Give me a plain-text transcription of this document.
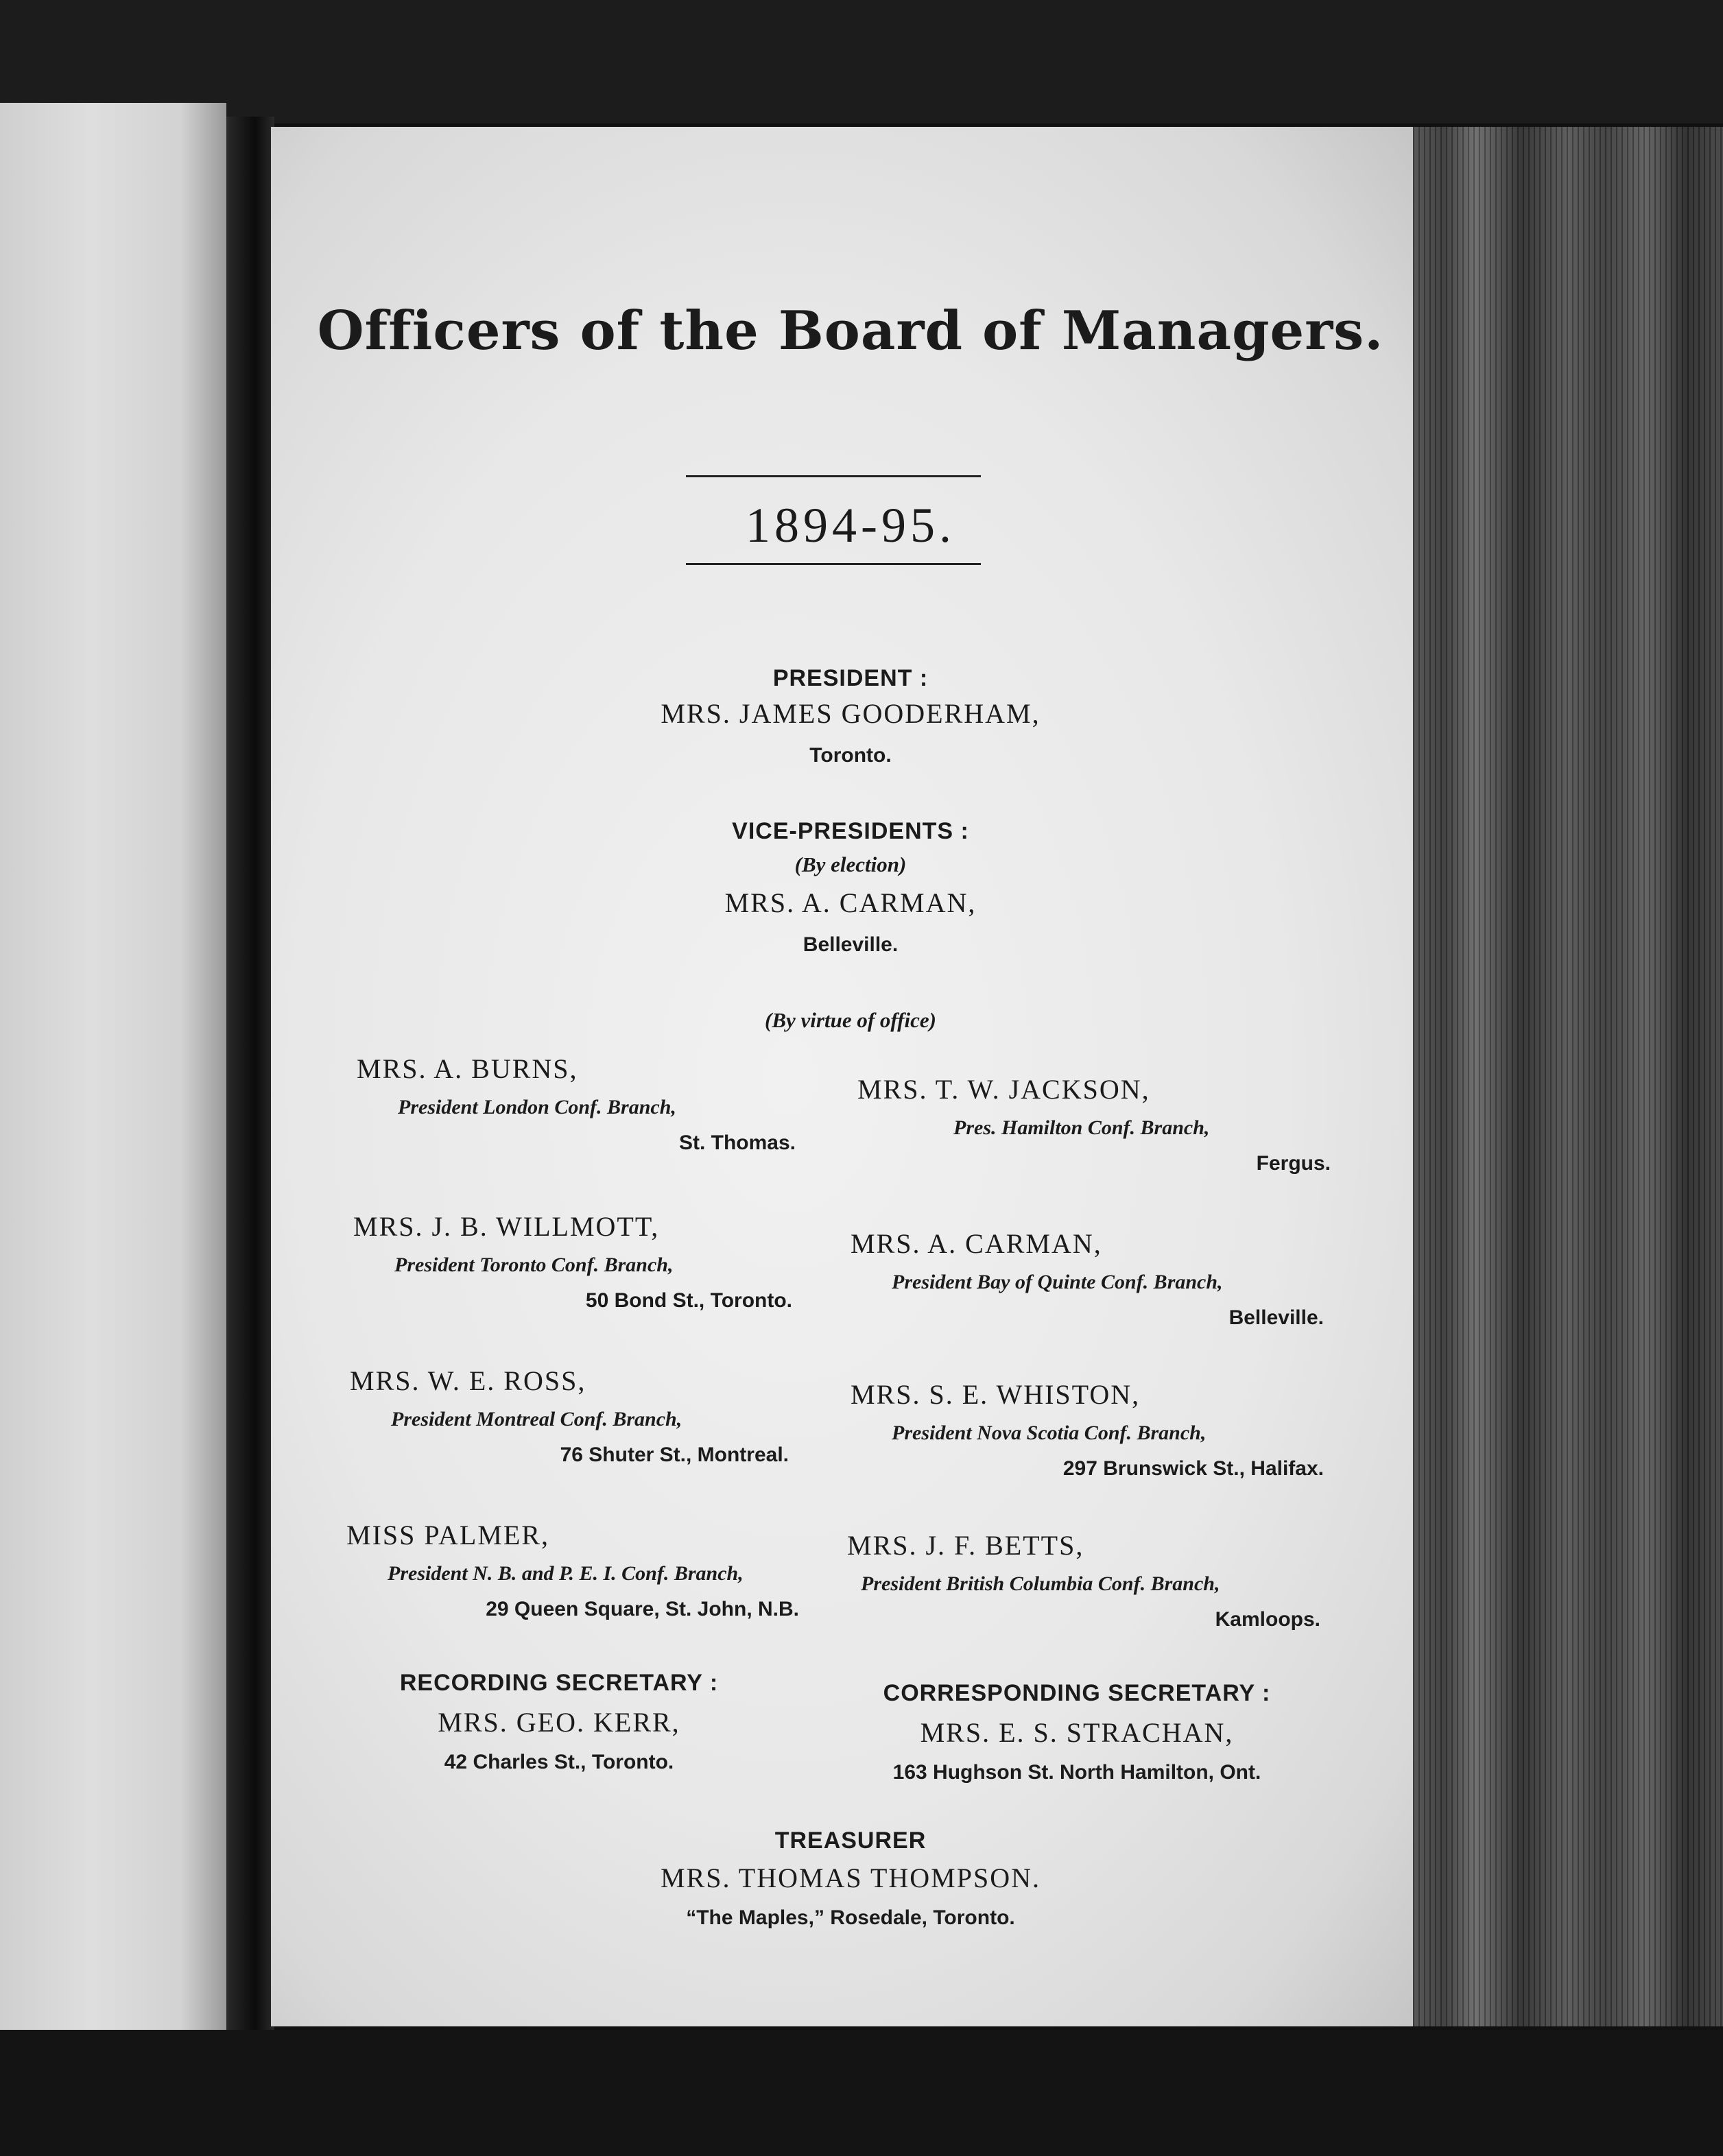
Officers of the Board of Managers.
1894-95.
PRESIDENT :
MRS. JAMES GOODERHAM,
Toronto.
VICE-PRESIDENTS :
(By election)
MRS. A. CARMAN,
Belleville.
(By virtue of office)
MRS. A. BURNS,
President London Conf. Branch,
St. Thomas.
MRS. J. B. WILLMOTT,
President Toronto Conf. Branch,
50 Bond St., Toronto.
MRS. W. E. ROSS,
President Montreal Conf. Branch,
76 Shuter St., Montreal.
MISS PALMER,
President N. B. and P. E. I. Conf. Branch,
29 Queen Square, St. John, N.B.
MRS. T. W. JACKSON,
Pres. Hamilton Conf. Branch,
Fergus.
MRS. A. CARMAN,
President Bay of Quinte Conf. Branch,
Belleville.
MRS. S. E. WHISTON,
President Nova Scotia Conf. Branch,
297 Brunswick St., Halifax.
MRS. J. F. BETTS,
President British Columbia Conf. Branch,
Kamloops.
RECORDING SECRETARY :
MRS. GEO. KERR,
42 Charles St., Toronto.
CORRESPONDING SECRETARY :
MRS. E. S. STRACHAN,
163 Hughson St. North Hamilton, Ont.
TREASURER
MRS. THOMAS THOMPSON.
“The Maples,” Rosedale, Toronto.
